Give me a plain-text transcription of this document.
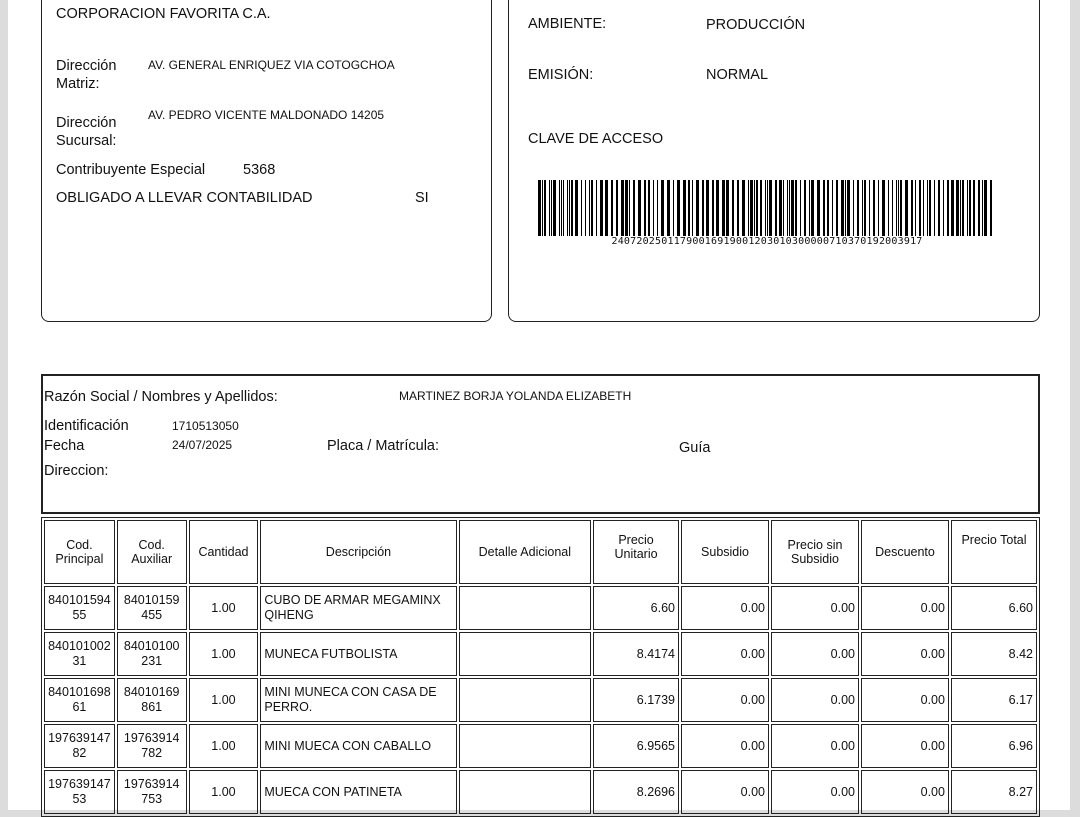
CORPORACION FAVORITA C.A.
Dirección Matriz:
AV. GENERAL ENRIQUEZ VIA COTOGCHOA
Dirección Sucursal:
AV. PEDRO VICENTE MALDONADO 14205
Contribuyente Especial	5368
OBLIGADO A LLEVAR CONTABILIDAD	SI
AMBIENTE:	PRODUCCIÓN
EMISIÓN:	NORMAL
CLAVE DE ACCESO
24072025011790016919001203010300000710370192003917
Razón Social / Nombres y Apellidos:	MARTINEZ BORJA YOLANDA ELIZABETH
Identificación	1710513050
Fecha	24/07/2025	Placa / Matrícula:	Guía
Direccion:
Cod. Principal	Cod. Auxiliar	Cantidad	Descripción	Detalle Adicional	Precio Unitario	Subsidio	Precio sin Subsidio	Descuento	Precio Total
84010159455	84010159455	1.00	CUBO DE ARMAR MEGAMINX QIHENG		6.60	0.00	0.00	0.00	6.60
84010100231	84010100231	1.00	MUNECA FUTBOLISTA		8.4174	0.00	0.00	0.00	8.42
84010169861	84010169861	1.00	MINI MUNECA CON CASA DE PERRO.		6.1739	0.00	0.00	0.00	6.17
19763914782	19763914782	1.00	MINI MUECA CON CABALLO		6.9565	0.00	0.00	0.00	6.96
19763914753	19763914753	1.00	MUECA CON PATINETA		8.2696	0.00	0.00	0.00	8.27
